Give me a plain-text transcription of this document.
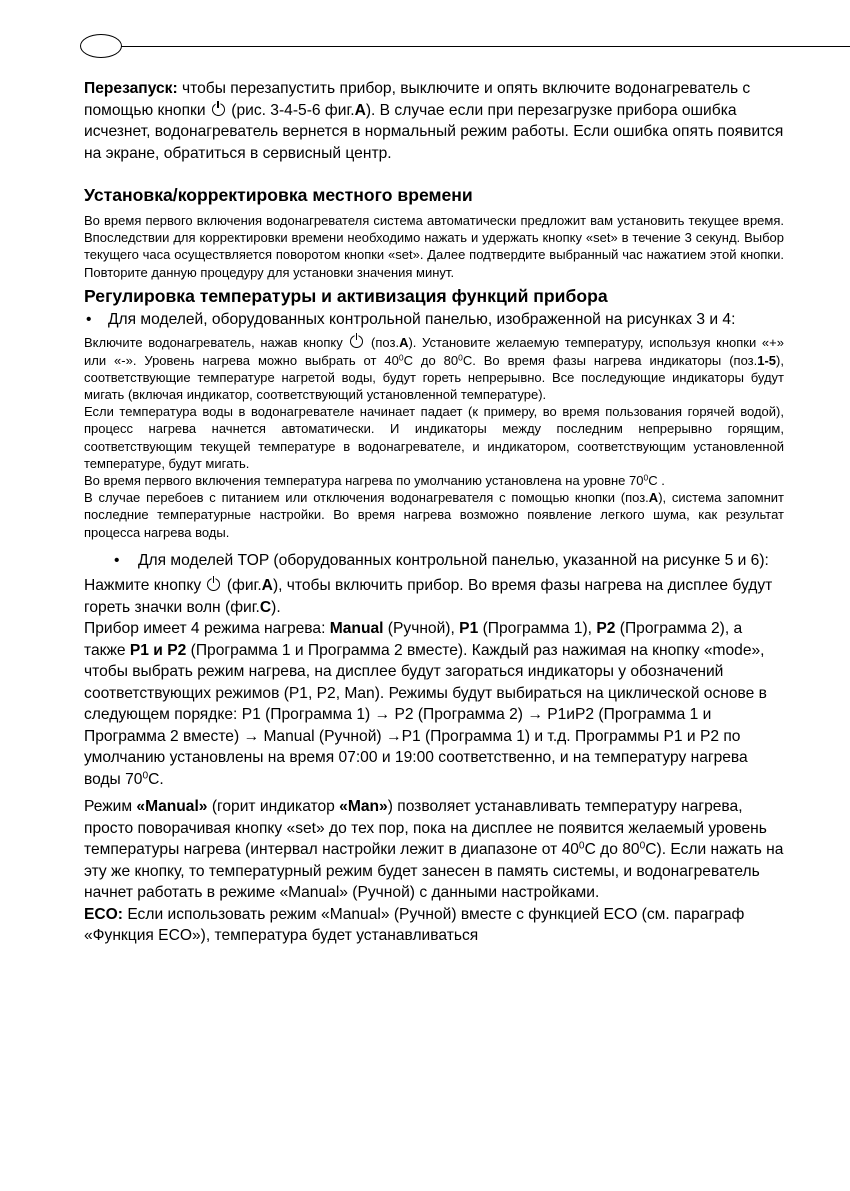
Перезапуск: чтобы перезапустить прибор, выключите и опять включите водонагреватель с помощью кнопки (рис. 3-4-5-6 фиг.A). В случае если при перезагрузке прибора ошибка исчезнет, водонагреватель вернется в нормальный режим работы. Если ошибка опять появится на экране, обратиться в сервисный центр.

Установка/корректировка местного времени

Во время первого включения водонагревателя система автоматически предложит вам установить текущее время. Впоследствии для корректировки времени необходимо нажать и удержать кнопку «set» в течение 3 секунд. Выбор текущего часа осуществляется поворотом кнопки «set». Далее подтвердите выбранный час нажатием этой кнопки. Повторите данную процедуру для установки значения минут.

Регулировка температуры и активизация функций прибора

• Для моделей, оборудованных контрольной панелью, изображенной на рисунках 3 и 4:

Включите водонагреватель, нажав кнопку (поз.A). Установите желаемую температуру, используя кнопки «+» или «-». Уровень нагрева можно выбрать от $40^0C$ до $80^0C$. Во время фазы нагрева индикаторы (поз.1-5), соответствующие температуре нагретой воды, будут гореть непрерывно. Все последующие индикаторы будут мигать (включая индикатор, соответствующий установленной температуре).

Если температура воды в водонагревателе начинает падает (к примеру, во время пользования горячей водой), процесс нагрева начнется автоматически. И индикаторы между последним непрерывно горящим, соответствующим текущей температуре в водонагревателе, и индикатором, соответствующим установленной температуре, будут мигать.

Во время первого включения температура нагрева по умолчанию установлена на уровне $70^0C$ .

В случае перебоев с питанием или отключения водонагревателя с помощью кнопки (поз.A), система запомнит последние температурные настройки. Во время нагрева возможно появление легкого шума, как результат процесса нагрева воды.

• Для моделей TOP (оборудованных контрольной панелью, указанной на рисунке 5 и 6):

Нажмите кнопку (фиг.A), чтобы включить прибор. Во время фазы нагрева на дисплее будут гореть значки волн (фиг.C).

Прибор имеет 4 режима нагрева: Manual (Ручной), P1 (Программа 1), P2 (Программа 2), а также P1 и P2 (Программа 1 и Программа 2 вместе). Каждый раз нажимая на кнопку «mode», чтобы выбрать режим нагрева, на дисплее будут загораться индикаторы у обозначений соответствующих режимов (P1, P2, Man). Режимы будут выбираться на циклической основе в следующем порядке: P1 (Программа 1) → P2 (Программа 2) → P1иP2 (Программа 1 и Программа 2 вместе) → Manual (Ручной) →P1 (Программа 1) и т.д. Программы P1 и P2 по умолчанию установлены на время 07:00 и 19:00 соответственно, и на температуру нагрева воды $70^0C$.

Режим «Manual» (горит индикатор «Man») позволяет устанавливать температуру нагрева, просто поворачивая кнопку «set» до тех пор, пока на дисплее не появится желаемый уровень температуры нагрева (интервал настройки лежит в диапазоне от $40^0C$ до $80^0C$). Если нажать на эту же кнопку, то температурный режим будет занесен в память системы, и водонагреватель начнет работать в режиме «Manual» (Ручной) с данными настройками.

ECO: Если использовать режим «Manual» (Ручной) вместе с функцией ECO (см. параграф «Функция ECO»), температура будет устанавливаться
